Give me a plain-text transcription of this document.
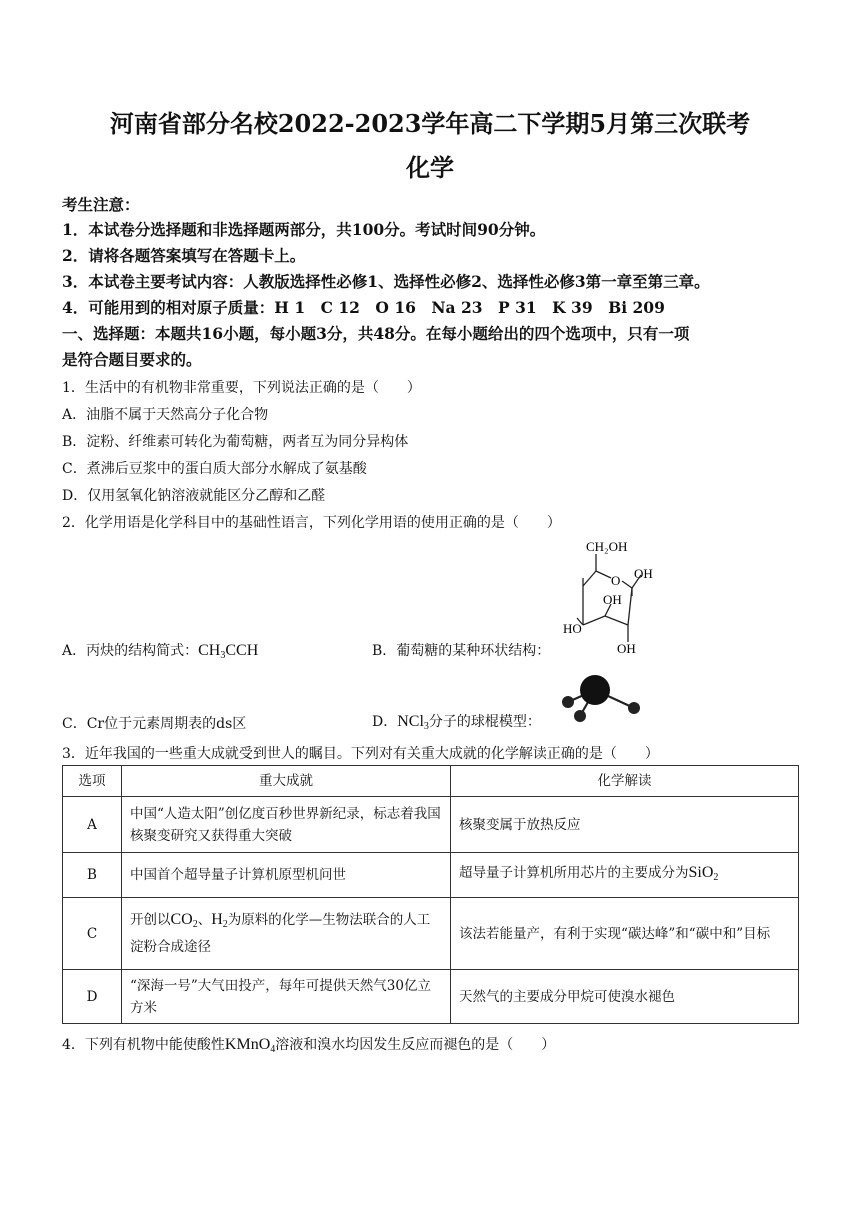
河南省部分名校2022-2023学年高二下学期5月第三次联考
化学
考生注意：
1．本试卷分选择题和非选择题两部分，共100分。考试时间90分钟。
2．请将各题答案填写在答题卡上。
3．本试卷主要考试内容：人教版选择性必修1、选择性必修2、选择性必修3第一章至第三章。
4．可能用到的相对原子质量：H 1　C 12　O 16　Na 23　P 31　K 39　Bi 209
一、选择题：本题共16小题，每小题3分，共48分。在每小题给出的四个选项中，只有一项
是符合题目要求的。
1．生活中的有机物非常重要，下列说法正确的是（　　）
A．油脂不属于天然高分子化合物
B．淀粉、纤维素可转化为葡萄糖，两者互为同分异构体
C．煮沸后豆浆中的蛋白质大部分水解成了氨基酸
D．仅用氢氧化钠溶液就能区分乙醇和乙醛
2．化学用语是化学科目中的基础性语言，下列化学用语的使用正确的是（　　）
A．丙炔的结构简式：$CH_3CCH$	B．葡萄糖的某种环状结构：
CH₂OH
O OH
OH
HO
OH
C．Cr位于元素周期表的ds区	D．NCl$_3$分子的球棍模型：
3．近年我国的一些重大成就受到世人的瞩目。下列对有关重大成就的化学解读正确的是（　　）
选项	重大成就	化学解读
A	中国“人造太阳”创亿度百秒世界新纪录，标志着我国核聚变研究又获得重大突破	核聚变属于放热反应
B	中国首个超导量子计算机原型机问世	超导量子计算机所用芯片的主要成分为SiO$_2$
C	开创以$CO_2$、$H_2$为原料的化学—生物法联合的人工淀粉合成途径	该法若能量产，有利于实现“碳达峰”和“碳中和”目标
D	“深海一号”大气田投产，每年可提供天然气30亿立方米	天然气的主要成分甲烷可使溴水褪色
4．下列有机物中能使酸性KMnO$_4$溶液和溴水均因发生反应而褪色的是（　　）
